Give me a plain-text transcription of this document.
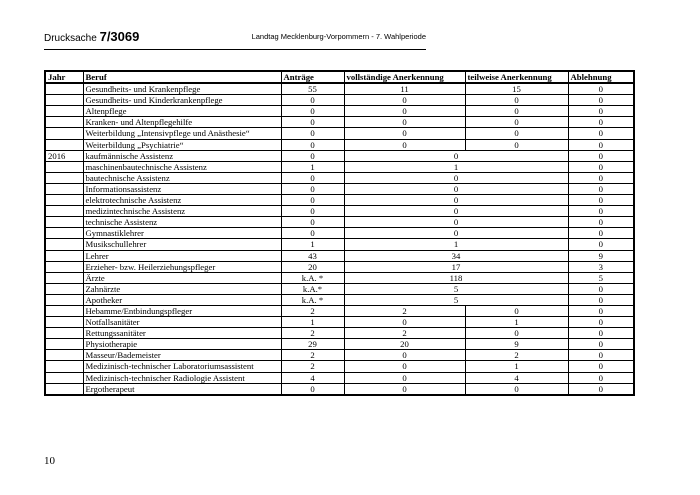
Drucksache 7/3069	Landtag Mecklenburg-Vorpommern - 7. Wahlperiode
Jahr	Beruf	Anträge	vollständige Anerkennung	teilweise Anerkennung	Ablehnung
	Gesundheits- und Krankenpflege	55	11	15	0
	Gesundheits- und Kinderkrankenpflege	0	0	0	0
	Altenpflege	0	0	0	0
	Kranken- und Altenpflegehilfe	0	0	0	0
	Weiterbildung „Intensivpflege und Anästhesie“	0	0	0	0
	Weiterbildung „Psychiatrie“	0	0	0	0
2016	kaufmännische Assistenz	0	0		0
	maschinenbautechnische Assistenz	1	1		0
	bautechnische Assistenz	0	0		0
	Informationsassistenz	0	0		0
	elektrotechnische Assistenz	0	0		0
	medizintechnische Assistenz	0	0		0
	technische Assistenz	0	0		0
	Gymnastiklehrer	0	0		0
	Musikschullehrer	1	1		0
	Lehrer	43	34		9
	Erzieher- bzw. Heilerziehungspfleger	20	17		3
	Ärzte	k.A. *	118		5
	Zahnärzte	k.A.*	5		0
	Apotheker	k.A. *	5		0
	Hebamme/Entbindungspfleger	2	2	0	0
	Notfallsanitäter	1	0	1	0
	Rettungssanitäter	2	2	0	0
	Physiotherapie	29	20	9	0
	Masseur/Bademeister	2	0	2	0
	Medizinisch-technischer Laboratoriumsassistent	2	0	1	0
	Medizinisch-technischer Radiologie Assistent	4	0	4	0
	Ergotherapeut	0	0	0	0
10
